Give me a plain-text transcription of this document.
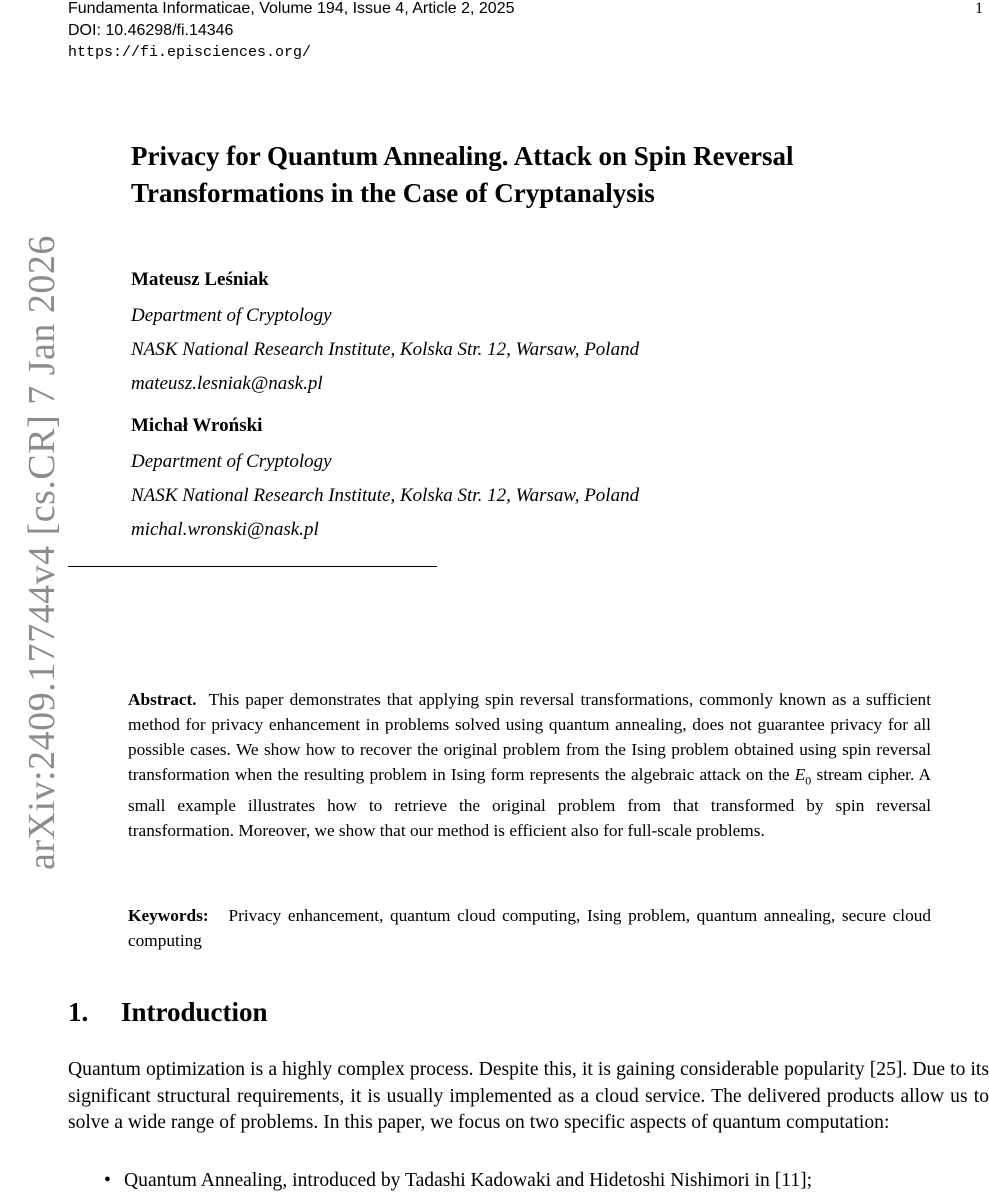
Fundamenta Informaticae, Volume 194, Issue 4, Article 2, 2025
DOI: 10.46298/fi.14346
https://fi.episciences.org/
1
arXiv:2409.17744v4 [cs.CR] 7 Jan 2026
Privacy for Quantum Annealing. Attack on Spin Reversal
Transformations in the Case of Cryptanalysis
Mateusz Leśniak
Department of Cryptology
NASK National Research Institute, Kolska Str. 12, Warsaw, Poland
mateusz.lesniak@nask.pl
Michał Wroński
Department of Cryptology
NASK National Research Institute, Kolska Str. 12, Warsaw, Poland
michal.wronski@nask.pl
Abstract. This paper demonstrates that applying spin reversal transformations, commonly known as a sufficient method for privacy enhancement in problems solved using quantum annealing, does not guarantee privacy for all possible cases. We show how to recover the original problem from the Ising problem obtained using spin reversal transformation when the resulting problem in Ising form represents the algebraic attack on the $E_0$ stream cipher. A small example illustrates how to retrieve the original problem from that transformed by spin reversal transformation. Moreover, we show that our method is efficient also for full-scale problems.
Keywords: Privacy enhancement, quantum cloud computing, Ising problem, quantum annealing, secure cloud computing
1. Introduction
Quantum optimization is a highly complex process. Despite this, it is gaining considerable popularity [25]. Due to its significant structural requirements, it is usually implemented as a cloud service. The delivered products allow us to solve a wide range of problems. In this paper, we focus on two specific aspects of quantum computation:
• Quantum Annealing, introduced by Tadashi Kadowaki and Hidetoshi Nishimori in [11];
